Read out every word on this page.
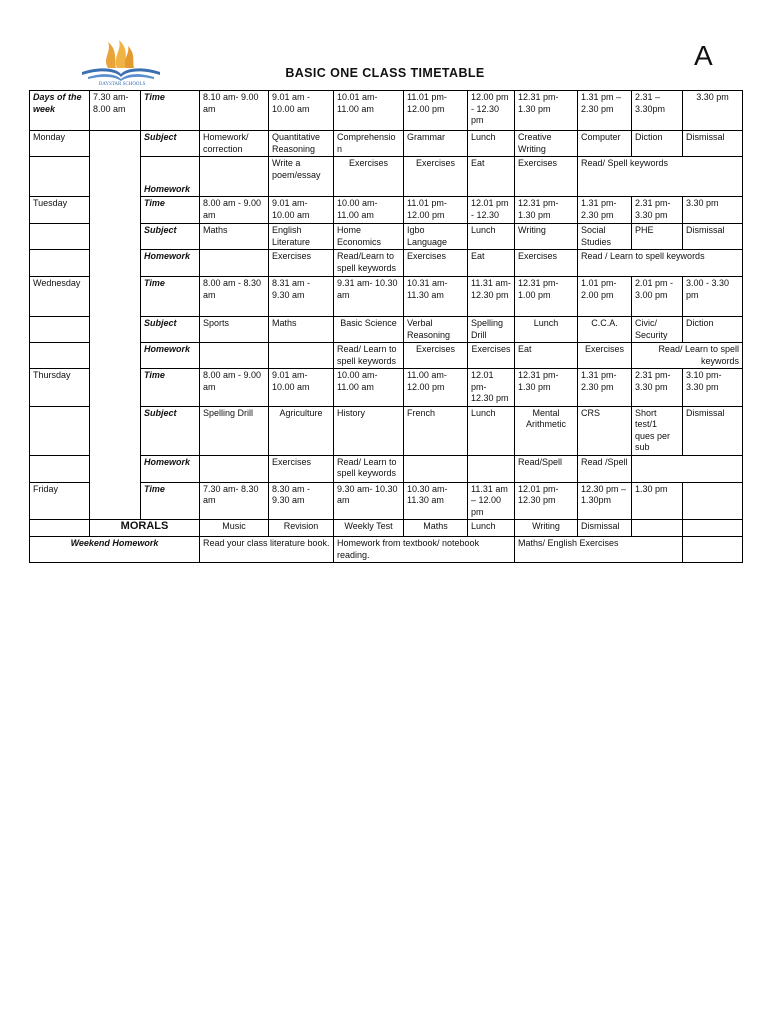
DAYSTAR SCHOOLS
BASIC ONE CLASS TIMETABLE
A
Days of the week	7.30 am- 8.00 am	Time	8.10 am- 9.00 am	9.01 am - 10.00 am	10.01 am- 11.00 am	11.01 pm- 12.00 pm	12.00 pm - 12.30 pm	12.31 pm- 1.30 pm	1.31 pm –2.30 pm	2.31 – 3.30pm	3.30 pm	
Monday		Subject	Homework/ correction	Quantitative Reasoning	Comprehension	Grammar	Lunch	Creative Writing	Computer	Diction	Dismissal	
		Homework		Write a poem/essay	Exercises	Exercises	Eat	Exercises	Read/ Spell keywords			
Tuesday		Time	8.00 am - 9.00 am	9.01 am- 10.00 am	10.00 am- 11.00 am	11.01 pm- 12.00 pm	12.01 pm - 12.30	12.31 pm- 1.30 pm	1.31 pm- 2.30 pm	2.31 pm- 3.30 pm	3.30 pm	
		Subject	Maths	English Literature	Home Economics	Igbo Language	Lunch	Writing	Social Studies	PHE	Dismissal	
		Homework		Exercises	Read/Learn to spell keywords	Exercises	Eat	Exercises	Read / Learn to spell keywords			
Wednesday		Time	8.00 am - 8.30 am	8.31 am - 9.30 am	9.31 am- 10.30 am	10.31 am- 11.30 am	11.31 am-12.30 pm	12.31 pm- 1.00 pm	1.01 pm- 2.00 pm	2.01 pm - 3.00 pm	3.00 - 3.30 pm	
		Subject	Sports	Maths	Basic Science	Verbal Reasoning	Spelling Drill	Lunch	C.C.A.	Civic/ Security	Diction	
		Homework			Read/ Learn to spell keywords	Exercises	Exercises	Eat	Exercises	Read/ Learn to spell keywords		
Thursday		Time	8.00 am - 9.00 am	9.01 am- 10.00 am	10.00 am- 11.00 am	11.00 am- 12.00 pm	12.01 pm- 12.30 pm	12.31 pm- 1.30 pm	1.31 pm- 2.30 pm	2.31 pm- 3.30 pm	3.10 pm- 3.30 pm	
		Subject	Spelling Drill	Agriculture	History	French	Lunch	Mental Arithmetic	CRS	Short test/1 ques per sub	Dismissal	
		Homework		Exercises	Read/ Learn to spell keywords			Read/Spell	Read /Spell			
Friday		Time	7.30 am- 8.30 am	8.30 am - 9.30 am	9.30 am- 10.30 am	10.30 am- 11.30 am	11.31 am – 12.00 pm	12.01 pm- 12.30 pm	12.30 pm – 1.30pm	1.30 pm		
	MORALS		Music	Revision	Weekly Test	Maths	Lunch	Writing	Dismissal			
Weekend Homework			Read your class literature book.		Homework from textbook/ notebook reading.			Maths/ English Exercises				
